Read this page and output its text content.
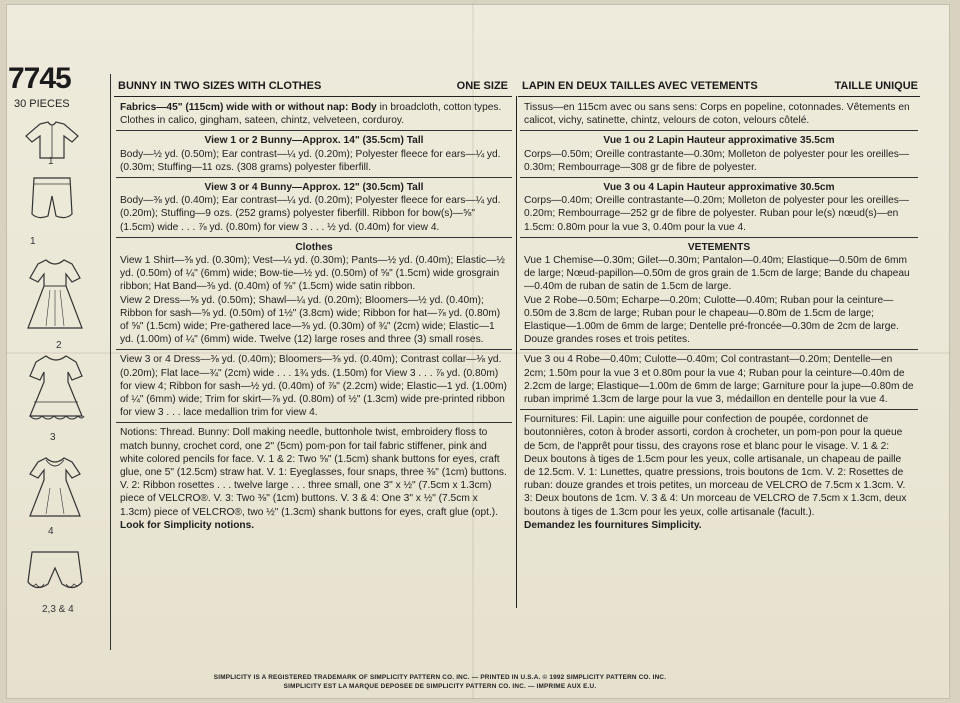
7745
30 PIECES
1
1
2
3
4
2,3 & 4
BUNNY IN TWO SIZES WITH CLOTHES	ONE SIZE LAPIN EN DEUX TAILLES AVEC VETEMENTS	TAILLE UNIQUE

Fabrics—45" (115cm) wide with or without nap: Body in broadcloth, cotton types. Clothes in calico, gingham, sateen, chintz, velveteen, corduroy.

View 1 or 2 Bunny—Approx. 14" (35.5cm) Tall

Body—½ yd. (0.50m); Ear contrast—¼ yd. (0.20m); Polyester fleece for ears—¼ yd. (0.30m; Stuffing—11 ozs. (308 grams) polyester fiberfill.

View 3 or 4 Bunny—Approx. 12" (30.5cm) Tall

Body—⅜ yd. (0.40m); Ear contrast—¼ yd. (0.20m); Polyester fleece for ears—¼ yd. (0.20m); Stuffing—9 ozs. (252 grams) polyester fiberfill. Ribbon for bow(s)—⅝" (1.5cm) wide . . . ⅞ yd. (0.80m) for view 3 . . . ½ yd. (0.40m) for view 4.

Clothes

View 1 Shirt—⅜ yd. (0.30m); Vest—¼ yd. (0.30m); Pants—½ yd. (0.40m); Elastic—½ yd. (0.50m) of ¼" (6mm) wide; Bow-tie—½ yd. (0.50m) of ⅝" (1.5cm) wide grosgrain ribbon; Hat Band—⅜ yd. (0.40m) of ⅝" (1.5cm) wide satin ribbon.

View 2 Dress—⅝ yd. (0.50m); Shawl—¼ yd. (0.20m); Bloomers—½ yd. (0.40m); Ribbon for sash—⅝ yd. (0.50m) of 1½" (3.8cm) wide; Ribbon for hat—⅞ yd. (0.80m) of ⅝" (1.5cm) wide; Pre-gathered lace—⅜ yd. (0.30m) of ¾" (2cm) wide; Elastic—1 yd. (1.00m) of ¼" (6mm) wide. Twelve (12) large roses and three (3) small roses.

View 3 or 4 Dress—⅜ yd. (0.40m); Bloomers—⅜ yd. (0.40m); Contrast collar—⅛ yd. (0.20m); Flat lace—¾" (2cm) wide . . . 1¾ yds. (1.50m) for View 3 . . . ⅞ yd. (0.80m) for view 4; Ribbon for sash—½ yd. (0.40m) of ⅞" (2.2cm) wide; Elastic—1 yd. (1.00m) of ¼" (6mm) wide; Trim for skirt—⅞ yd. (0.80m) of ½" (1.3cm) wide pre-printed ribbon for view 3 . . . lace medallion trim for view 4.

Notions: Thread. Bunny: Doll making needle, buttonhole twist, embroidery floss to match bunny, crochet cord, one 2" (5cm) pom-pon for tail fabric stiffener, pink and white colored pencils for face. V. 1 & 2: Two ⅝" (1.5cm) shank buttons for eyes, craft glue, one 5" (12.5cm) straw hat. V. 1: Eyeglasses, four snaps, three ⅜" (1cm) buttons. V. 2: Ribbon rosettes . . . twelve large . . . three small, one 3" x ½" (7.5cm x 1.3cm) piece of VELCRO®. V. 3: Two ⅜" (1cm) buttons. V. 3 & 4: One 3" x ½" (7.5cm x 1.3cm) piece of VELCRO®, two ½" (1.3cm) shank buttons for eyes, craft glue (opt.).

Look for Simplicity notions.

Tissus—en 115cm avec ou sans sens: Corps en popeline, cotonnades. Vêtements en calicot, vichy, satinette, chintz, velours de coton, velours côtelé.

Vue 1 ou 2 Lapin Hauteur approximative 35.5cm

Corps—0.50m; Oreille contrastante—0.30m; Molleton de polyester pour les oreilles—0.30m; Rembourrage—308 gr de fibre de polyester.

Vue 3 ou 4 Lapin Hauteur approximative 30.5cm

Corps—0.40m; Oreille contrastante—0.20m; Molleton de polyester pour les oreilles—0.20m; Rembourrage—252 gr de fibre de polyester. Ruban pour le(s) nœud(s)—en 1.5cm: 0.80m pour la vue 3, 0.40m pour la vue 4.

VETEMENTS

Vue 1 Chemise—0.30m; Gilet—0.30m; Pantalon—0.40m; Elastique—0.50m de 6mm de large; Nœud-papillon—0.50m de gros grain de 1.5cm de large; Bande du chapeau—0.40m de ruban de satin de 1.5cm de large.

Vue 2 Robe—0.50m; Echarpe—0.20m; Culotte—0.40m; Ruban pour la ceinture—0.50m de 3.8cm de large; Ruban pour le chapeau—0.80m de 1.5cm de large; Elastique—1.00m de 6mm de large; Dentelle pré-froncée—0.30m de 2cm de large. Douze grandes roses et trois petites.

Vue 3 ou 4 Robe—0.40m; Culotte—0.40m; Col contrastant—0.20m; Dentelle—en 2cm; 1.50m pour la vue 3 et 0.80m pour la vue 4; Ruban pour la ceinture—0.40m de 2.2cm de large; Elastique—1.00m de 6mm de large; Garniture pour la jupe—0.80m de ruban imprimé 1.3cm de large pour la vue 3, médaillon en dentelle pour la vue 4.

Fournitures: Fil. Lapin: une aiguille pour confection de poupée, cordonnet de boutonnières, coton à broder assorti, cordon à crocheter, un pom-pon pour la queue de 5cm, de l'apprêt pour tissu, des crayons rose et blanc pour le visage. V. 1 & 2: Deux boutons à tiges de 1.5cm pour les yeux, colle artisanale, un chapeau de paille de 12.5cm. V. 1: Lunettes, quatre pressions, trois boutons de 1cm. V. 2: Rosettes de ruban: douze grandes et trois petites, un morceau de VELCRO de 7.5cm x 1.3cm. V. 3: Deux boutons de 1cm. V. 3 & 4: Un morceau de VELCRO de 7.5cm x 1.3cm, deux boutons à tiges de 1.3cm pour les yeux, colle artisanale (facult.).

Demandez les fournitures Simplicity.

SIMPLICITY IS A REGISTERED TRADEMARK OF SIMPLICITY PATTERN CO. INC. — PRINTED IN U.S.A. © 1992 SIMPLICITY PATTERN CO. INC.
SIMPLICITY EST LA MARQUE DEPOSEE DE SIMPLICITY PATTERN CO. INC. — IMPRIME AUX E.U.
